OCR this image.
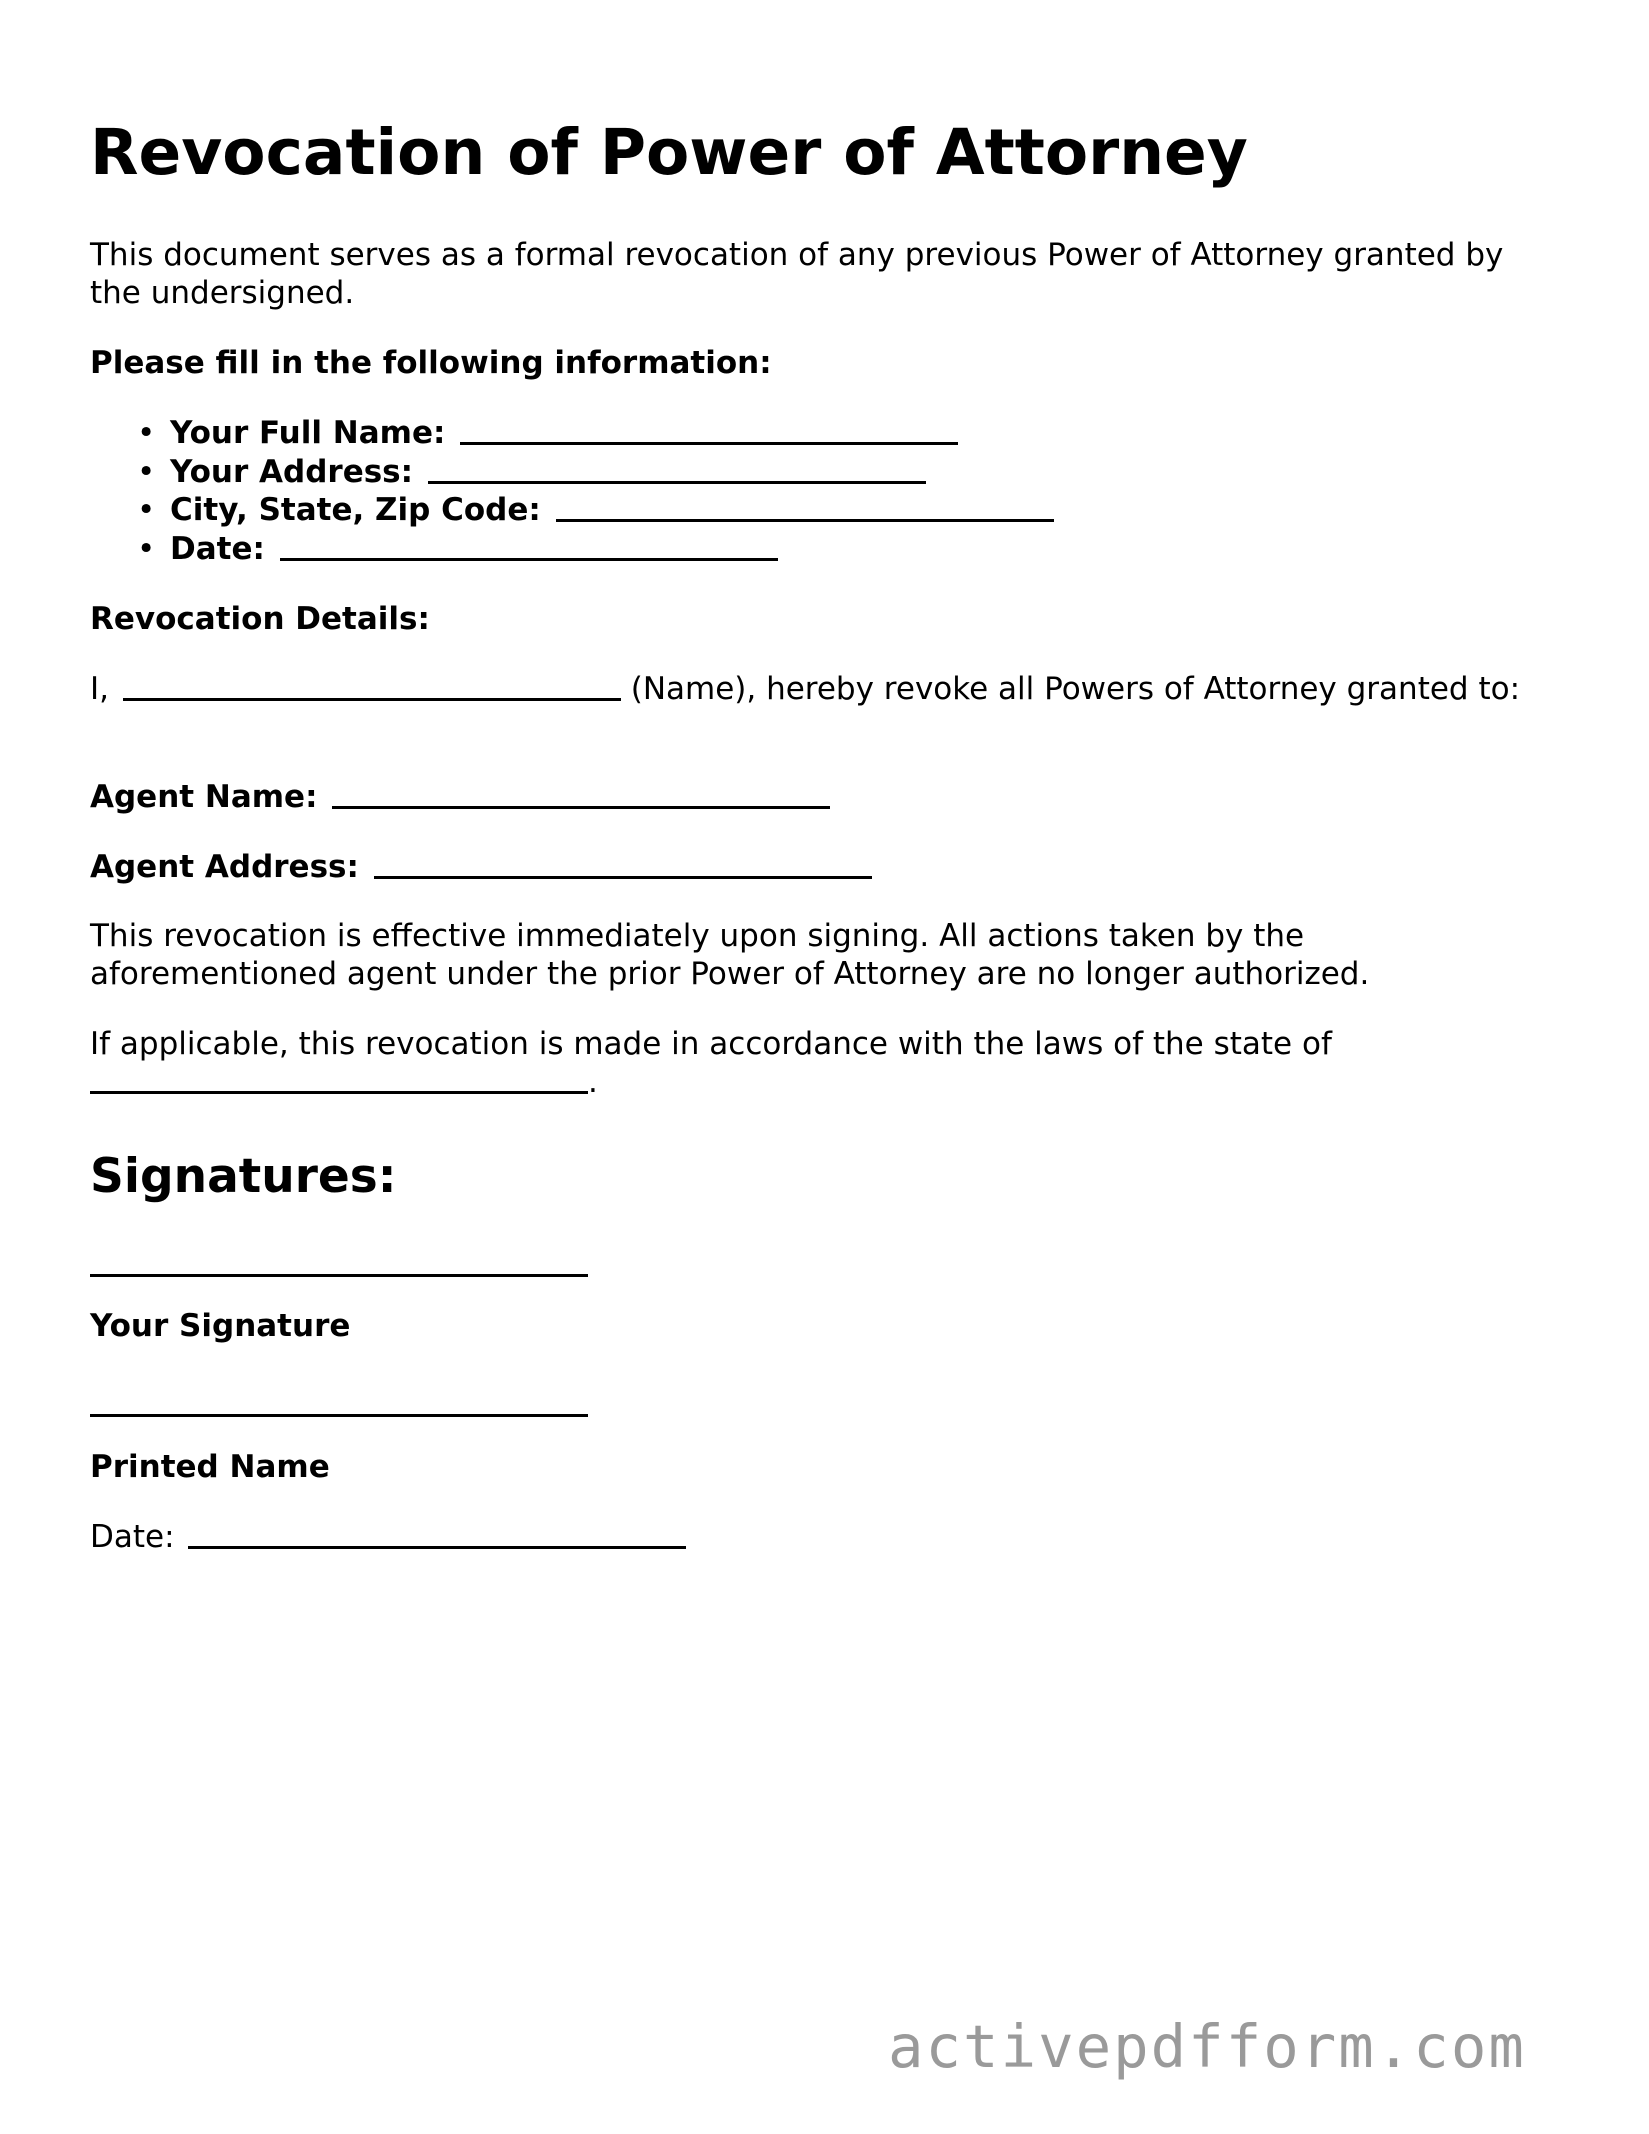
Revocation of Power of Attorney

This document serves as a formal revocation of any previous Power of Attorney granted by the undersigned.

Please fill in the following information:

• Your Full Name:
• Your Address:
• City, State, Zip Code:
• Date:

Revocation Details:

I,	(Name), hereby revoke all Powers of Attorney granted to:

Agent Name:

Agent Address:

This revocation is effective immediately upon signing. All actions taken by the aforementioned agent under the prior Power of Attorney are no longer authorized.

If applicable, this revocation is made in accordance with the laws of the state of
.

Signatures:

Your Signature

Printed Name

Date:

activepdfform.com
